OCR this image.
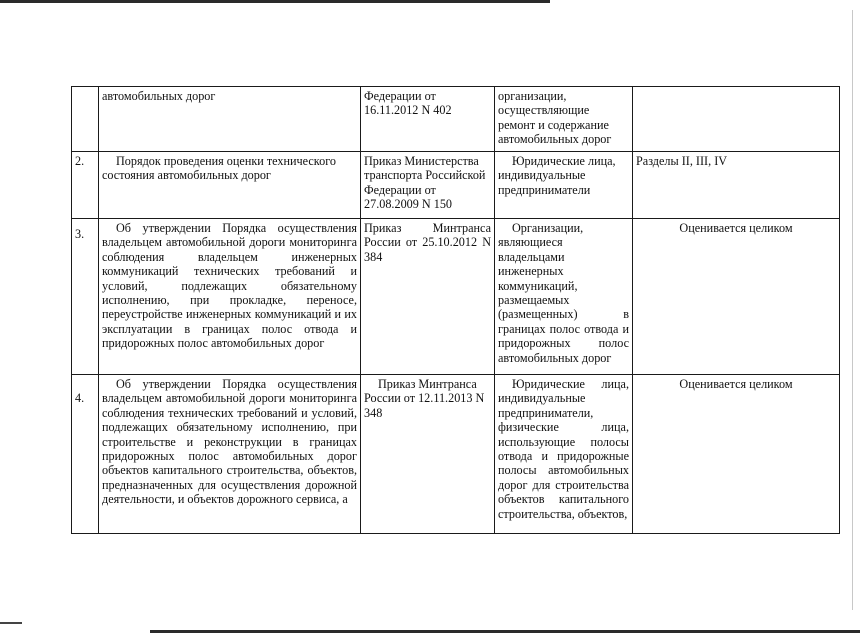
	автомобильных дорог	Федерации от 16.11.2012 N 402	организации, осуществляющие ремонт и содержание автомобильных дорог	
2.	Порядок проведения оценки технического состояния автомобильных дорог	Приказ Министерства транспорта Российской Федерации от 27.08.2009 N 150	Юридические лица, индивидуальные предприниматели	Разделы II, III, IV
3.	Об утверждении Порядка осуществления владельцем автомобильной дороги мониторинга соблюдения владельцем инженерных коммуникаций технических требований и условий, подлежащих обязательному исполнению, при прокладке, переносе, переустройстве инженерных коммуникаций и их эксплуатации в границах полос отвода и придорожных полос автомобильных дорог	Приказ Минтранса России от 25.10.2012 N 384	Организации, являющиеся владельцами инженерных коммуникаций, размещаемых (размещенных) в границах полос отвода и придорожных полос автомобильных дорог	Оценивается целиком
4.	Об утверждении Порядка осуществления владельцем автомобильной дороги мониторинга соблюдения технических требований и условий, подлежащих обязательному исполнению, при строительстве и реконструкции в границах придорожных полос автомобильных дорог объектов капитального строительства, объектов, предназначенных для осуществления дорожной деятельности, и объектов дорожного сервиса, а	Приказ Минтранса России от 12.11.2013 N 348	Юридические лица, индивидуальные предприниматели, физические лица, использующие полосы отвода и придорожные полосы автомобильных дорог для строительства объектов капитального строительства, объектов,	Оценивается целиком
